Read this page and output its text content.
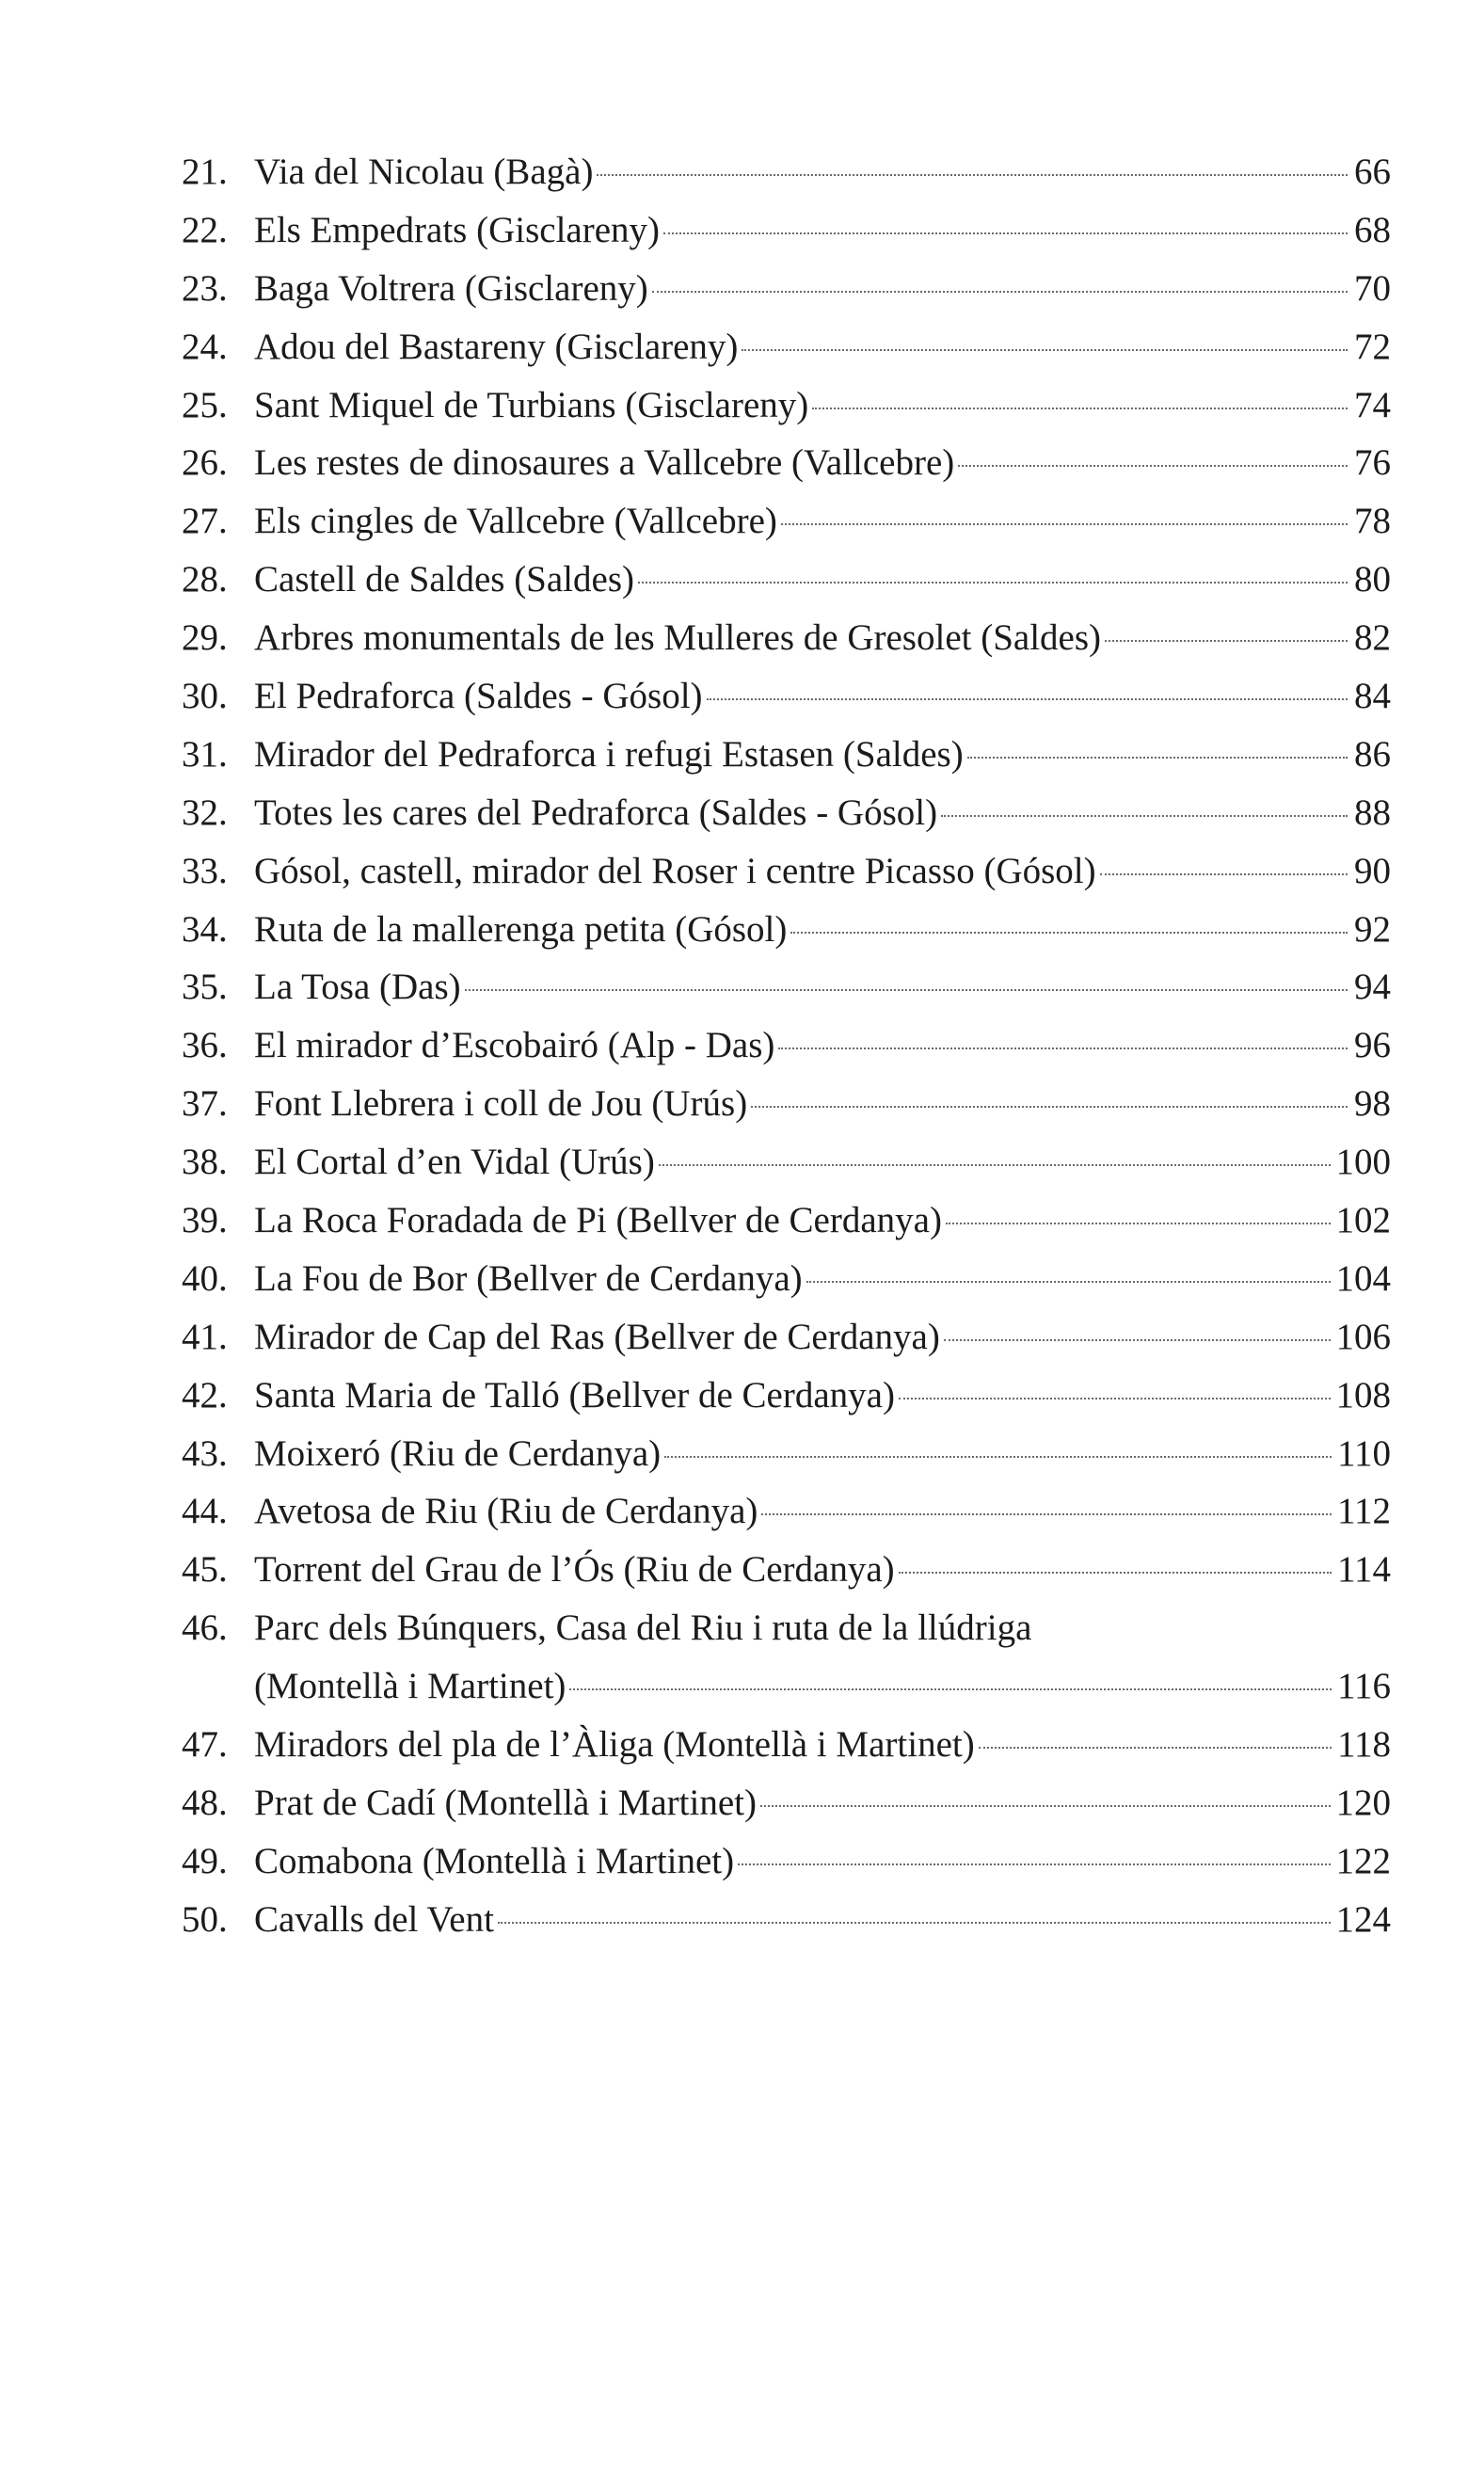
21. Via del Nicolau (Bagà)	66
22. Els Empedrats (Gisclareny)	68
23. Baga Voltrera (Gisclareny)	70
24. Adou del Bastareny (Gisclareny)	72
25. Sant Miquel de Turbians (Gisclareny)	74
26. Les restes de dinosaures a Vallcebre (Vallcebre)	76
27. Els cingles de Vallcebre (Vallcebre)	78
28. Castell de Saldes (Saldes)	80
29. Arbres monumentals de les Mulleres de Gresolet (Saldes)	82
30. El Pedraforca (Saldes - Gósol)	84
31. Mirador del Pedraforca i refugi Estasen (Saldes)	86
32. Totes les cares del Pedraforca (Saldes - Gósol)	88
33. Gósol, castell, mirador del Roser i centre Picasso (Gósol)	90
34. Ruta de la mallerenga petita (Gósol)	92
35. La Tosa (Das)	94
36. El mirador d’Escobairó (Alp - Das)	96
37. Font Llebrera i coll de Jou (Urús)	98
38. El Cortal d’en Vidal (Urús)	100
39. La Roca Foradada de Pi (Bellver de Cerdanya)	102
40. La Fou de Bor (Bellver de Cerdanya)	104
41. Mirador de Cap del Ras (Bellver de Cerdanya)	106
42. Santa Maria de Talló (Bellver de Cerdanya)	108
43. Moixeró (Riu de Cerdanya)	110
44. Avetosa de Riu (Riu de Cerdanya)	112
45. Torrent del Grau de l’Ós (Riu de Cerdanya)	114
46. Parc dels Búnquers, Casa del Riu i ruta de la llúdriga
(Montellà i Martinet)	116
47. Miradors del pla de l’Àliga (Montellà i Martinet)	118
48. Prat de Cadí (Montellà i Martinet)	120
49. Comabona (Montellà i Martinet)	122
50. Cavalls del Vent	124
